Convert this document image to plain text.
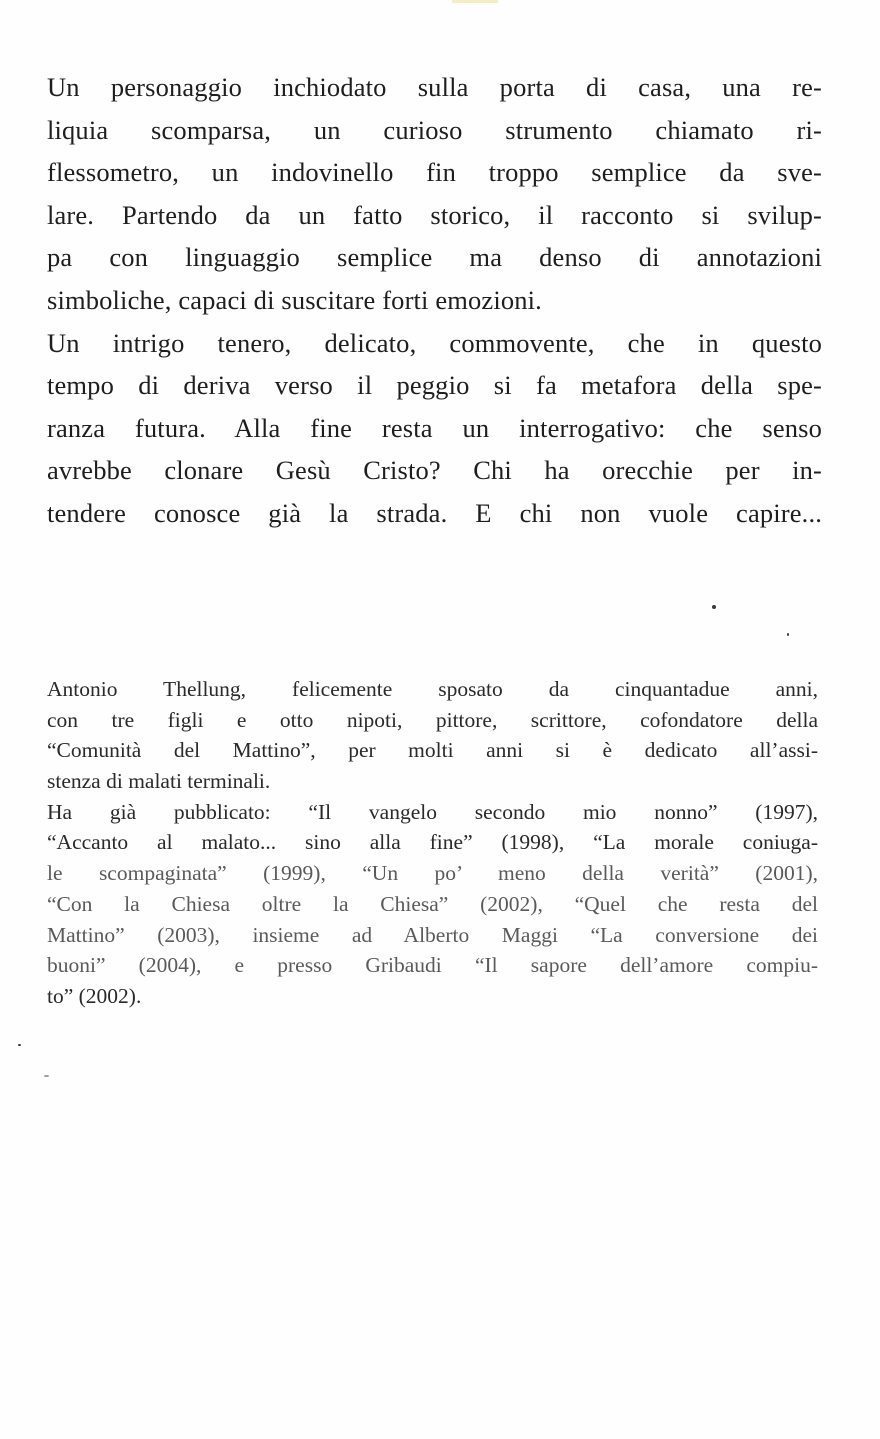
Un personaggio inchiodato sulla porta di casa, una re-
liquia scomparsa, un curioso strumento chiamato ri-
flessometro, un indovinello fin troppo semplice da sve-
lare. Partendo da un fatto storico, il racconto si svilup-
pa con linguaggio semplice ma denso di annotazioni
simboliche, capaci di suscitare forti emozioni.
Un intrigo tenero, delicato, commovente, che in questo
tempo di deriva verso il peggio si fa metafora della spe-
ranza futura. Alla fine resta un interrogativo: che senso
avrebbe clonare Gesù Cristo? Chi ha orecchie per in-
tendere conosce già la strada. E chi non vuole capire...
Antonio Thellung, felicemente sposato da cinquantadue anni,
con tre figli e otto nipoti, pittore, scrittore, cofondatore della
“Comunità del Mattino”, per molti anni si è dedicato all’assi-
stenza di malati terminali.
Ha già pubblicato: “Il vangelo secondo mio nonno” (1997),
“Accanto al malato... sino alla fine” (1998), “La morale coniuga-
le scompaginata” (1999), “Un po’ meno della verità” (2001),
“Con la Chiesa oltre la Chiesa” (2002), “Quel che resta del
Mattino” (2003), insieme ad Alberto Maggi “La conversione dei
buoni” (2004), e presso Gribaudi “Il sapore dell’amore compiu-
to” (2002).
